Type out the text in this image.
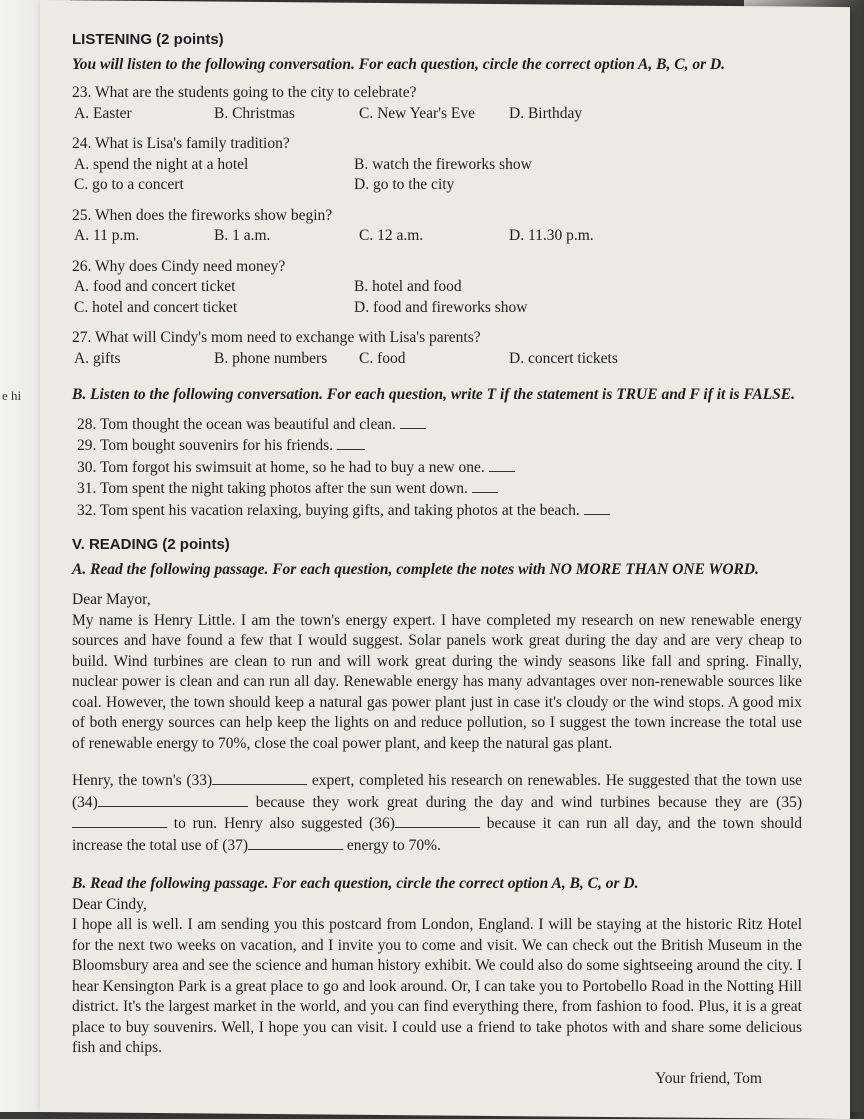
e hi
LISTENING (2 points)
You will listen to the following conversation. For each question, circle the correct option A, B, C, or D.
23. What are the students going to the city to celebrate?
A. Easter	B. Christmas	C. New Year's Eve	D. Birthday
24. What is Lisa's family tradition?
A. spend the night at a hotel	B. watch the fireworks show
C. go to a concert	D. go to the city
25. When does the fireworks show begin?
A. 11 p.m.	B. 1 a.m.	C. 12 a.m.	D. 11.30 p.m.
26. Why does Cindy need money?
A. food and concert ticket	B. hotel and food
C. hotel and concert ticket	D. food and fireworks show
27. What will Cindy's mom need to exchange with Lisa's parents?
A. gifts	B. phone numbers	C. food	D. concert tickets
B. Listen to the following conversation. For each question, write T if the statement is TRUE and F if it is FALSE.
28. Tom thought the ocean was beautiful and clean.
29. Tom bought souvenirs for his friends.
30. Tom forgot his swimsuit at home, so he had to buy a new one.
31. Tom spent the night taking photos after the sun went down.
32. Tom spent his vacation relaxing, buying gifts, and taking photos at the beach.
V. READING (2 points)
A. Read the following passage. For each question, complete the notes with NO MORE THAN ONE WORD.
Dear Mayor,

My name is Henry Little. I am the town's energy expert. I have completed my research on new renewable energy sources and have found a few that I would suggest. Solar panels work great during the day and are very cheap to build. Wind turbines are clean to run and will work great during the windy seasons like fall and spring. Finally, nuclear power is clean and can run all day. Renewable energy has many advantages over non-renewable sources like coal. However, the town should keep a natural gas power plant just in case it's cloudy or the wind stops. A good mix of both energy sources can help keep the lights on and reduce pollution, so I suggest the town increase the total use of renewable energy to 70%, close the coal power plant, and keep the natural gas plant.

Henry, the town's (33)	expert, completed his research on renewables. He suggested that the town use (34)	because they work great during the day and wind turbines because they are (35) to run. Henry also suggested (36)	because it can run all day, and the town should increase the total use of (37)	energy to 70%.

B. Read the following passage. For each question, circle the correct option A, B, C, or D.
Dear Cindy,

I hope all is well. I am sending you this postcard from London, England. I will be staying at the historic Ritz Hotel for the next two weeks on vacation, and I invite you to come and visit. We can check out the British Museum in the Bloomsbury area and see the science and human history exhibit. We could also do some sightseeing around the city. I hear Kensington Park is a great place to go and look around. Or, I can take you to Portobello Road in the Notting Hill district. It's the largest market in the world, and you can find everything there, from fashion to food. Plus, it is a great place to buy souvenirs. Well, I hope you can visit. I could use a friend to take photos with and share some delicious fish and chips.

Your friend, Tom
